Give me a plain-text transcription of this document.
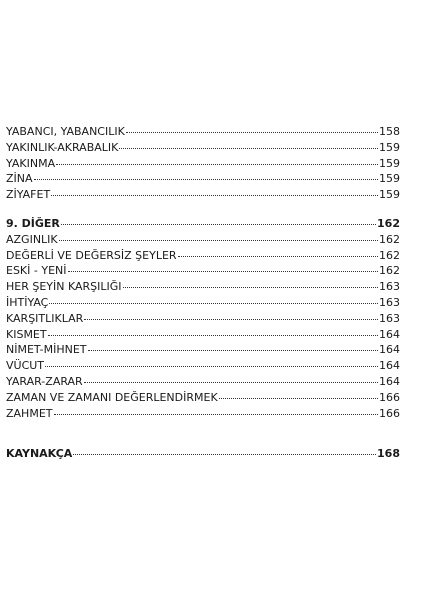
YABANCI, YABANCILIK	158
YAKINLIK-AKRABALIK	159
YAKINMA	159
ZİNA	159
ZİYAFET	159
9. DİĞER	162
AZGINLIK	162
DEĞERLİ VE DEĞERSİZ ŞEYLER	162
ESKİ - YENİ	162
HER ŞEYİN KARŞILIĞI	163
İHTİYAÇ	163
KARŞITLIKLAR	163
KISMET	164
NİMET-MİHNET	164
VÜCUT	164
YARAR-ZARAR	164
ZAMAN VE ZAMANI DEĞERLENDİRMEK	166
ZAHMET	166
KAYNAKÇA	168
